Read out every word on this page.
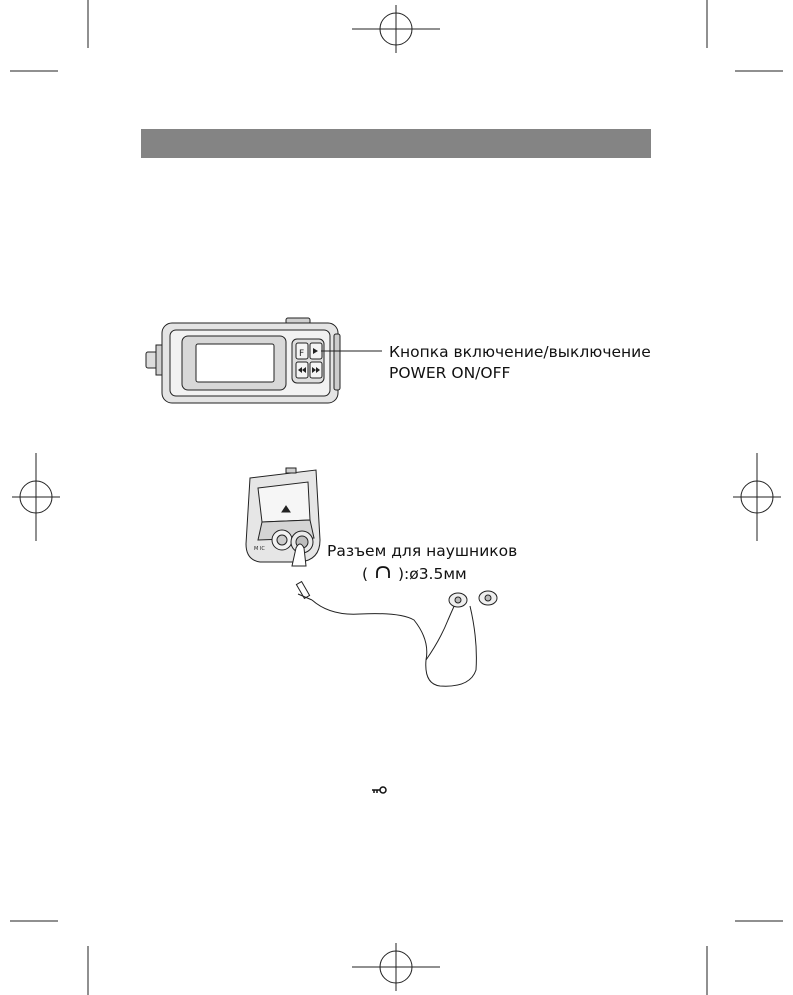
F	Кнопка включение/выключение
POWER ON/OFF
M IC	Разъем для наушников
( ):ø3.5мм
